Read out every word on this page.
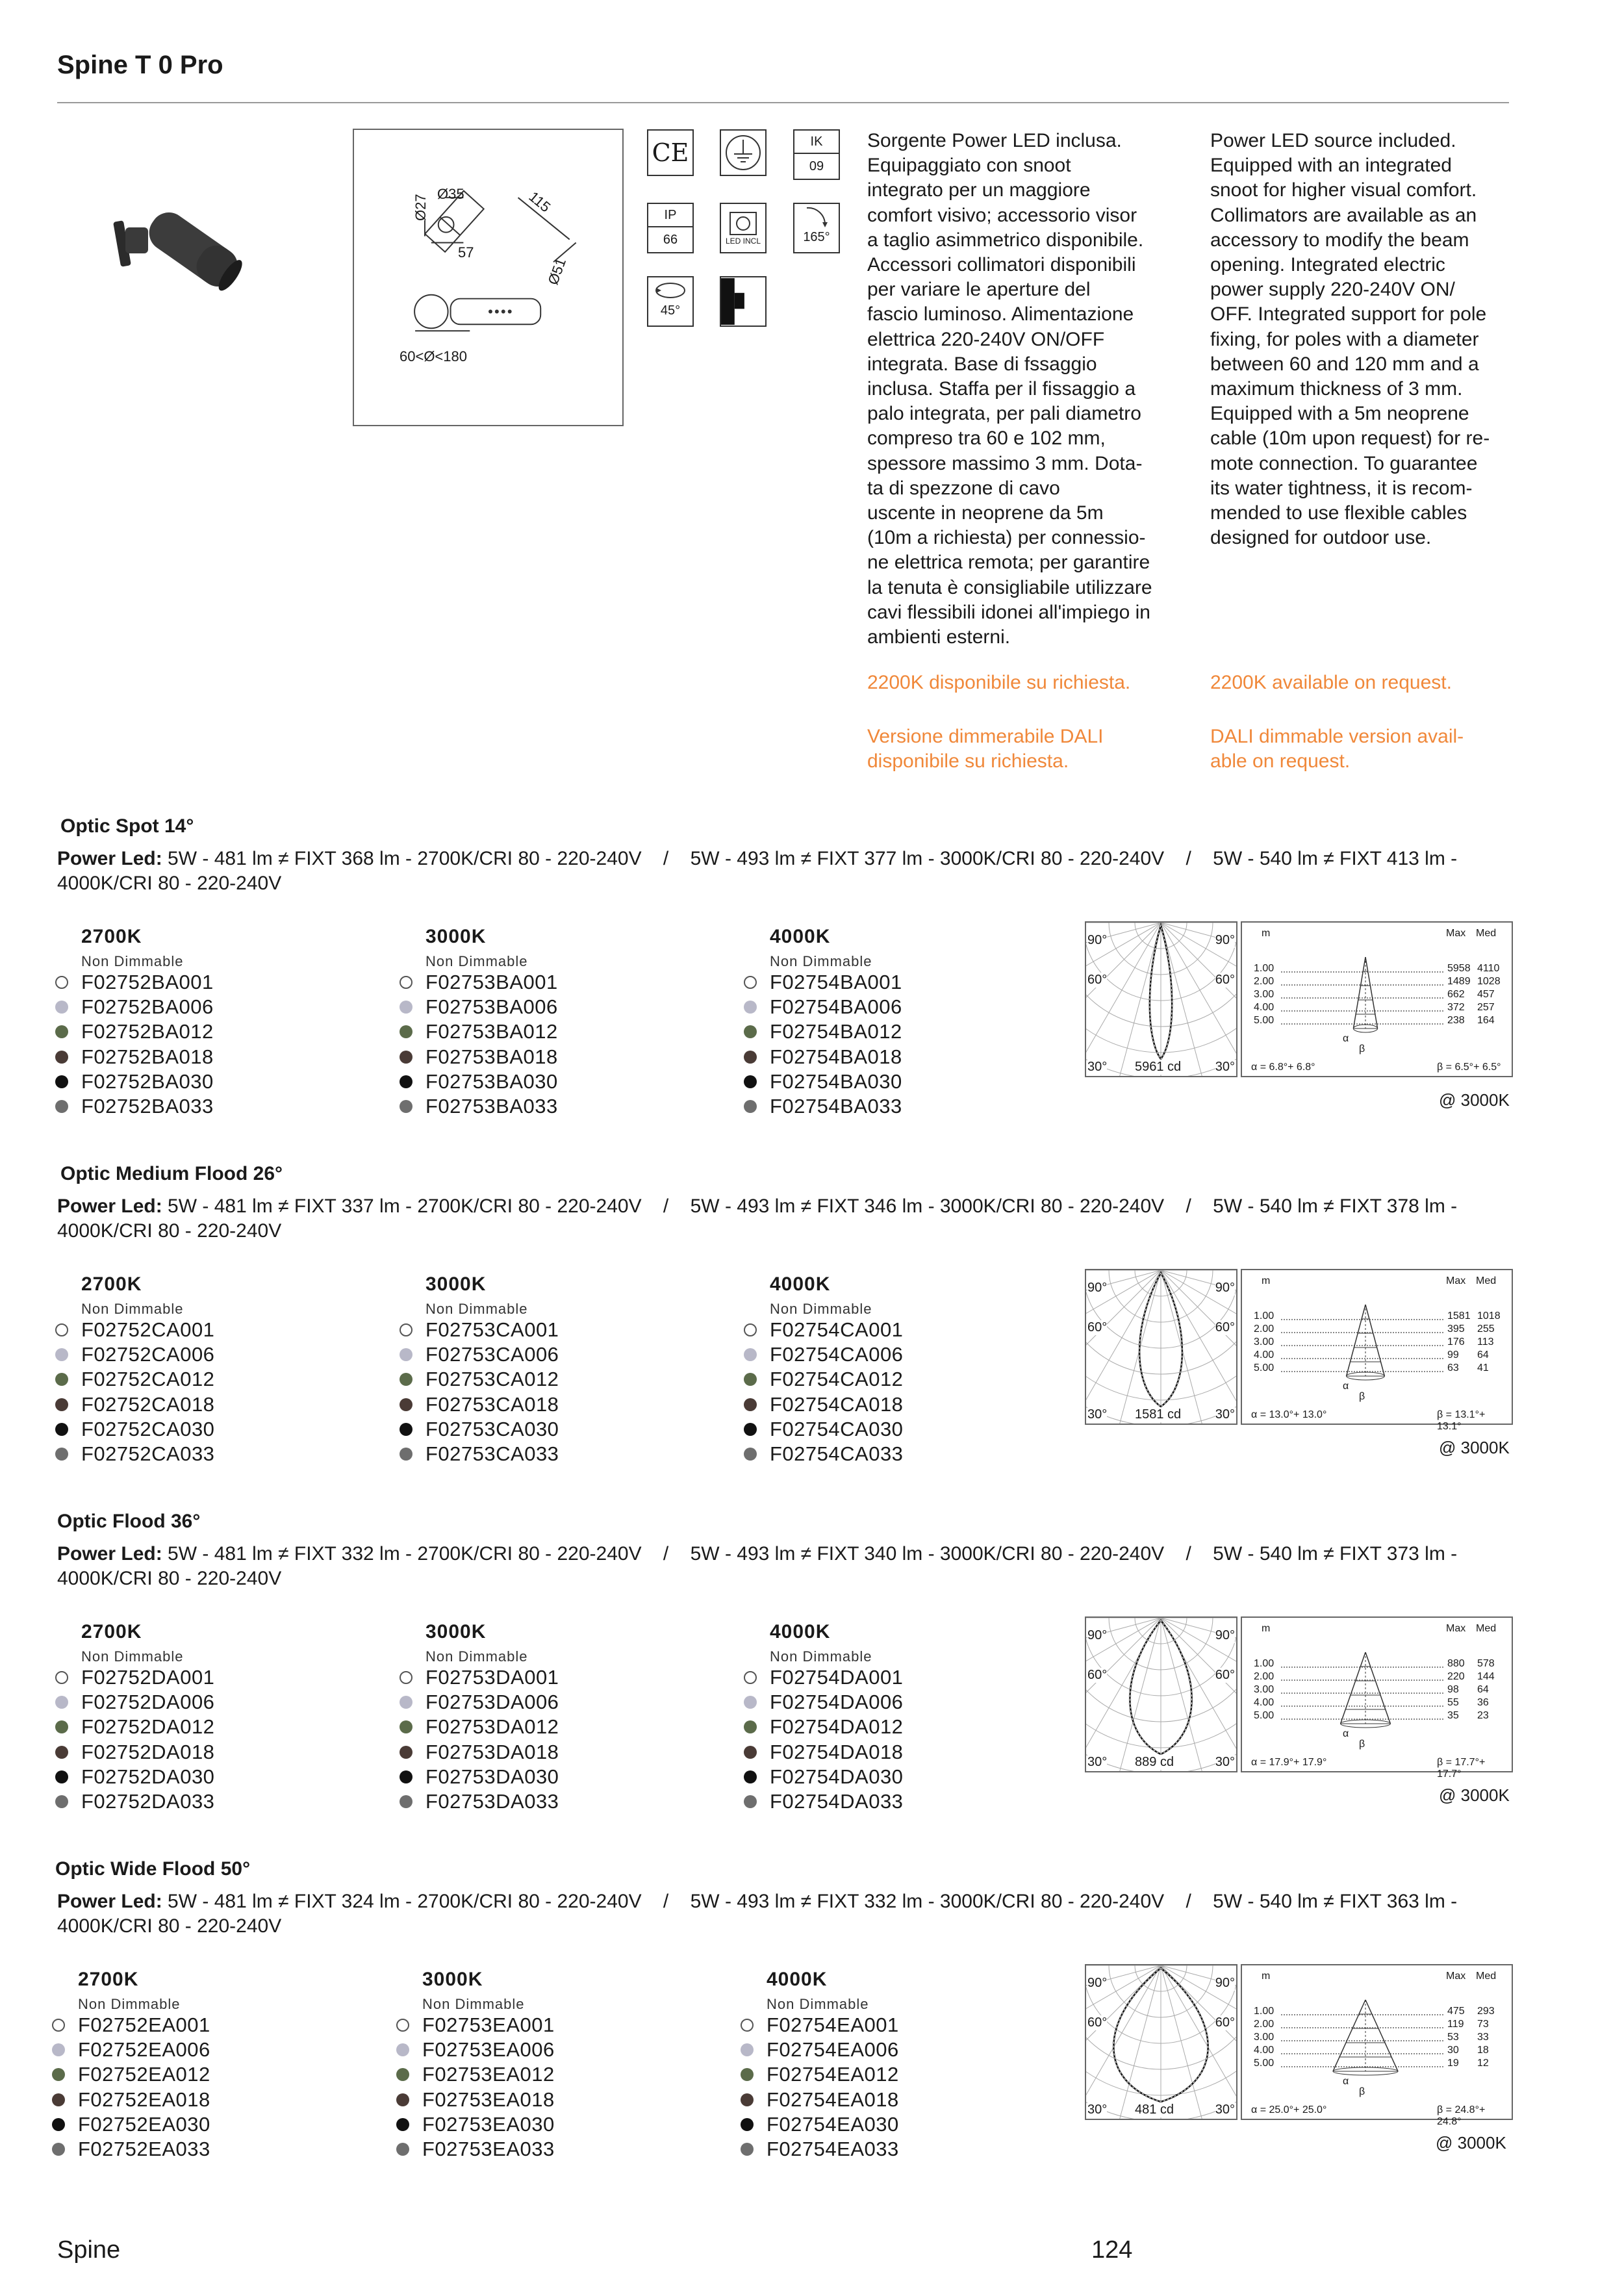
Spine T 0 Pro
Ø35
Ø27
57
115
Ø51
60<Ø<180
CE	IK
09
IP
66	LED INCL	165°
45°
Sorgente Power LED inclusa.
Equipaggiato con snoot
integrato per un maggiore
comfort visivo; accessorio visor
a taglio asimmetrico disponibile.
Accessori collimatori disponibili
per variare le aperture del
fascio luminoso. Alimentazione
elettrica 220-240V ON/OFF
integrata. Base di fssaggio
inclusa. Staffa per il fissaggio a
palo integrata, per pali diametro
compreso tra 60 e 102 mm,
spessore massimo 3 mm. Dota-
ta di spezzone di cavo
uscente in neoprene da 5m
(10m a richiesta) per connessio-
ne elettrica remota; per garantire
la tenuta è consigliabile utilizzare
cavi flessibili idonei all'impiego in
ambienti esterni.
Power LED source included.
Equipped with an integrated
snoot for higher visual comfort.
Collimators are available as an
accessory to modify the beam
opening. Integrated electric
power supply 220-240V ON/
OFF. Integrated support for pole
fixing, for poles with a diameter
between 60 and 120 mm and a
maximum thickness of 3 mm.
Equipped with a 5m neoprene
cable (10m upon request) for re-
mote connection. To guarantee
its water tightness, it is recom-
mended to use flexible cables
designed for outdoor use.
2200K disponibile su richiesta.	2200K available on request.
Versione dimmerabile DALI
disponibile su richiesta.
DALI dimmable version avail-
able on request.
Optic Spot 14°
Power Led: 5W - 481 lm ≠ FIXT 368 lm - 2700K/CRI 80 - 220-240V    /    5W - 493 lm ≠ FIXT 377 lm - 3000K/CRI 80 - 220-240V    /    5W - 540 lm ≠ FIXT 413 lm -
4000K/CRI 80 - 220-240V
2700K
Non Dimmable
F02752BA001
F02752BA006
F02752BA012
F02752BA018
F02752BA030
F02752BA033
3000K
Non Dimmable
F02753BA001
F02753BA006
F02753BA012
F02753BA018
F02753BA030
F02753BA033
4000K
Non Dimmable
F02754BA001
F02754BA006
F02754BA012
F02754BA018
F02754BA030
F02754BA033
90°	90°
60°	60°
30°	30°
5961 cd
m	Max Med
1.00	5958 4110
2.00	1489 1028
3.00	662 457
4.00	372 257
5.00	238 164
α
β
α = 6.8°+ 6.8°	β = 6.5°+ 6.5°
@ 3000K
Optic Medium Flood 26°
Power Led: 5W - 481 lm ≠ FIXT 337 lm - 2700K/CRI 80 - 220-240V    /    5W - 493 lm ≠ FIXT 346 lm - 3000K/CRI 80 - 220-240V    /    5W - 540 lm ≠ FIXT 378 lm -
4000K/CRI 80 - 220-240V
2700K
Non Dimmable
F02752CA001
F02752CA006
F02752CA012
F02752CA018
F02752CA030
F02752CA033
3000K
Non Dimmable
F02753CA001
F02753CA006
F02753CA012
F02753CA018
F02753CA030
F02753CA033
4000K
Non Dimmable
F02754CA001
F02754CA006
F02754CA012
F02754CA018
F02754CA030
F02754CA033
90°	90°
60°	60°
30°	30°
1581 cd
m	Max Med
1.00	1581 1018
2.00	395 255
3.00	176 113
4.00	99 64
5.00	63 41
α
β
α = 13.0°+ 13.0°	β = 13.1°+ 13.1°
@ 3000K
Optic Flood 36°
Power Led: 5W - 481 lm ≠ FIXT 332 lm - 2700K/CRI 80 - 220-240V    /    5W - 493 lm ≠ FIXT 340 lm - 3000K/CRI 80 - 220-240V    /    5W - 540 lm ≠ FIXT 373 lm -
4000K/CRI 80 - 220-240V
2700K
Non Dimmable
F02752DA001
F02752DA006
F02752DA012
F02752DA018
F02752DA030
F02752DA033
3000K
Non Dimmable
F02753DA001
F02753DA006
F02753DA012
F02753DA018
F02753DA030
F02753DA033
4000K
Non Dimmable
F02754DA001
F02754DA006
F02754DA012
F02754DA018
F02754DA030
F02754DA033
90°	90°
60°	60°
30°	30°
889 cd
m	Max Med
1.00	880 578
2.00	220 144
3.00	98 64
4.00	55 36
5.00	35 23
α
β
α = 17.9°+ 17.9°	β = 17.7°+ 17.7°
@ 3000K
Optic Wide Flood 50°
Power Led: 5W - 481 lm ≠ FIXT 324 lm - 2700K/CRI 80 - 220-240V    /    5W - 493 lm ≠ FIXT 332 lm - 3000K/CRI 80 - 220-240V    /    5W - 540 lm ≠ FIXT 363 lm -
4000K/CRI 80 - 220-240V
2700K
Non Dimmable
F02752EA001
F02752EA006
F02752EA012
F02752EA018
F02752EA030
F02752EA033
3000K
Non Dimmable
F02753EA001
F02753EA006
F02753EA012
F02753EA018
F02753EA030
F02753EA033
4000K
Non Dimmable
F02754EA001
F02754EA006
F02754EA012
F02754EA018
F02754EA030
F02754EA033
90°	90°
60°	60°
30°	30°
481 cd
m	Max Med
1.00	475 293
2.00	119 73
3.00	53 33
4.00	30 18
5.00	19 12
α
β
α = 25.0°+ 25.0°	β = 24.8°+ 24.8°
@ 3000K
Spine	124
